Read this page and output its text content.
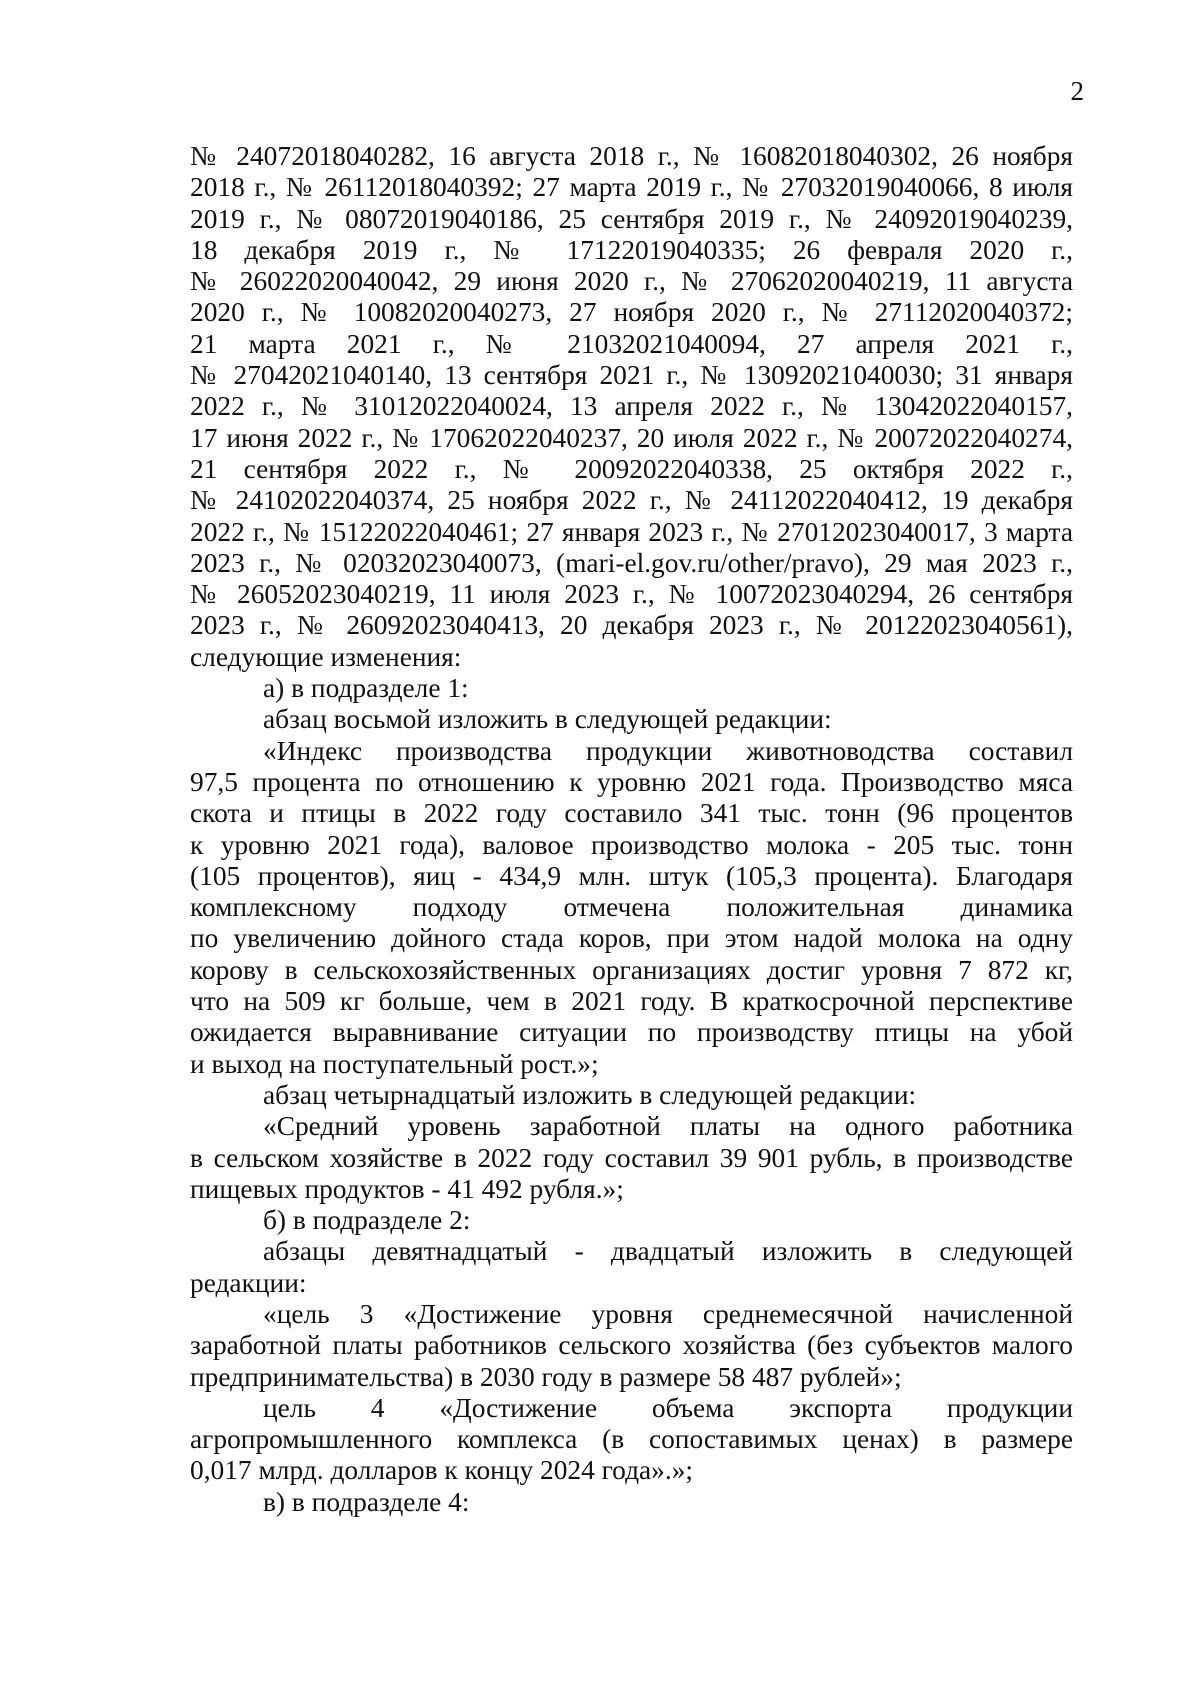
2
№ 24072018040282, 16 августа 2018 г., № 16082018040302, 26 ноября
2018 г., № 26112018040392; 27 марта 2019 г., № 27032019040066, 8 июля
2019 г., № 08072019040186, 25 сентября 2019 г., № 24092019040239,
18 декабря 2019 г., № 17122019040335; 26 февраля 2020 г.,
№ 26022020040042, 29 июня 2020 г., № 27062020040219, 11 августа
2020 г., № 10082020040273, 27 ноября 2020 г., № 27112020040372;
21 марта 2021 г., № 21032021040094, 27 апреля 2021 г.,
№ 27042021040140, 13 сентября 2021 г., № 13092021040030; 31 января
2022 г., № 31012022040024, 13 апреля 2022 г., № 13042022040157,
17 июня 2022 г., № 17062022040237, 20 июля 2022 г., № 20072022040274,
21 сентября 2022 г., № 20092022040338, 25 октября 2022 г.,
№ 24102022040374, 25 ноября 2022 г., № 24112022040412, 19 декабря
2022 г., № 15122022040461; 27 января 2023 г., № 27012023040017, 3 марта
2023 г., № 02032023040073, (mari-el.gov.ru/other/pravo), 29 мая 2023 г.,
№ 26052023040219, 11 июля 2023 г., № 10072023040294, 26 сентября
2023 г., № 26092023040413, 20 декабря 2023 г., № 20122023040561),
следующие изменения:
а) в подразделе 1:
абзац восьмой изложить в следующей редакции:
«Индекс производства продукции животноводства составил
97,5 процента по отношению к уровню 2021 года. Производство мяса
скота и птицы в 2022 году составило 341 тыс. тонн (96 процентов
к уровню 2021 года), валовое производство молока - 205 тыс. тонн
(105 процентов), яиц - 434,9 млн. штук (105,3 процента). Благодаря
комплексному подходу отмечена положительная динамика
по увеличению дойного стада коров, при этом надой молока на одну
корову в сельскохозяйственных организациях достиг уровня 7 872 кг,
что на 509 кг больше, чем в 2021 году. В краткосрочной перспективе
ожидается выравнивание ситуации по производству птицы на убой
и выход на поступательный рост.»;
абзац четырнадцатый изложить в следующей редакции:
«Средний уровень заработной платы на одного работника
в сельском хозяйстве в 2022 году составил 39 901 рубль, в производстве
пищевых продуктов - 41 492 рубля.»;
б) в подразделе 2:
абзацы девятнадцатый - двадцатый изложить в следующей
редакции:
«цель 3 «Достижение уровня среднемесячной начисленной
заработной платы работников сельского хозяйства (без субъектов малого
предпринимательства) в 2030 году в размере 58 487 рублей»;
цель 4 «Достижение объема экспорта продукции
агропромышленного комплекса (в сопоставимых ценах) в размере
0,017 млрд. долларов к концу 2024 года».»;
в) в подразделе 4:
